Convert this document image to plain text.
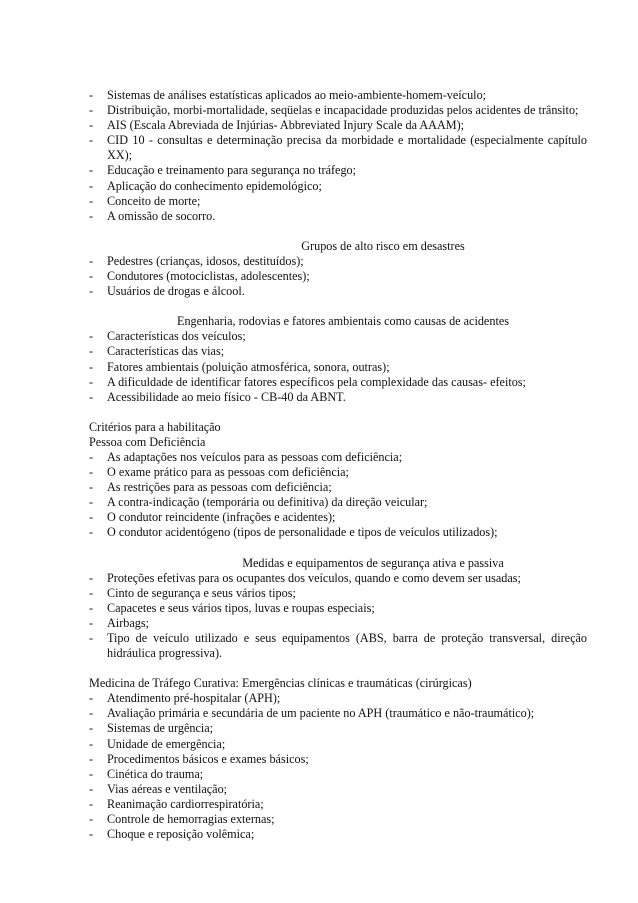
- Sistemas de análises estatísticas aplicados ao meio-ambiente-homem-veículo;
- Distribuição, morbi-mortalidade, seqüelas e incapacidade produzidas pelos acidentes de trânsito;
- AIS (Escala Abreviada de Injúrias- Abbreviated Injury Scale da AAAM);
- CID 10 - consultas e determinação precisa da morbidade e mortalidade (especialmente capítulo XX);
- Educação e treinamento para segurança no tráfego;
- Aplicação do conhecimento epidemológico;
- Conceito de morte;
- A omissão de socorro.
Grupos de alto risco em desastres
- Pedestres (crianças, idosos, destituídos);
- Condutores (motociclistas, adolescentes);
- Usuários de drogas e álcool.
Engenharia, rodovias e fatores ambientais como causas de acidentes
- Características dos veículos;
- Características das vias;
- Fatores ambientais (poluição atmosférica, sonora, outras);
- A dificuldade de identificar fatores específicos pela complexidade das causas- efeitos;
- Acessibilidade ao meio físico - CB-40 da ABNT.
Critérios para a habilitação
Pessoa com Deficiência
- As adaptações nos veículos para as pessoas com deficiência;
- O exame prático para as pessoas com deficiência;
- As restrições para as pessoas com deficiência;
- A contra-indicação (temporária ou definitiva) da direção veicular;
- O condutor reincidente (infrações e acidentes);
- O condutor acidentógeno (tipos de personalidade e tipos de veículos utilizados);
Medidas e equipamentos de segurança ativa e passiva
- Proteções efetivas para os ocupantes dos veículos, quando e como devem ser usadas;
- Cinto de segurança e seus vários tipos;
- Capacetes e seus vários tipos, luvas e roupas especiais;
- Airbags;
- Tipo de veículo utilizado e seus equipamentos (ABS, barra de proteção transversal, direção hidráulica progressiva).
Medicina de Tráfego Curativa: Emergências clínicas e traumáticas (cirúrgicas)
- Atendimento pré-hospitalar (APH);
- Avaliação primária e secundária de um paciente no APH (traumático e não-traumático);
- Sistemas de urgência;
- Unidade de emergência;
- Procedimentos básicos e exames básicos;
- Cinética do trauma;
- Vias aéreas e ventilação;
- Reanimação cardiorrespiratória;
- Controle de hemorragias externas;
- Choque e reposição volêmica;
